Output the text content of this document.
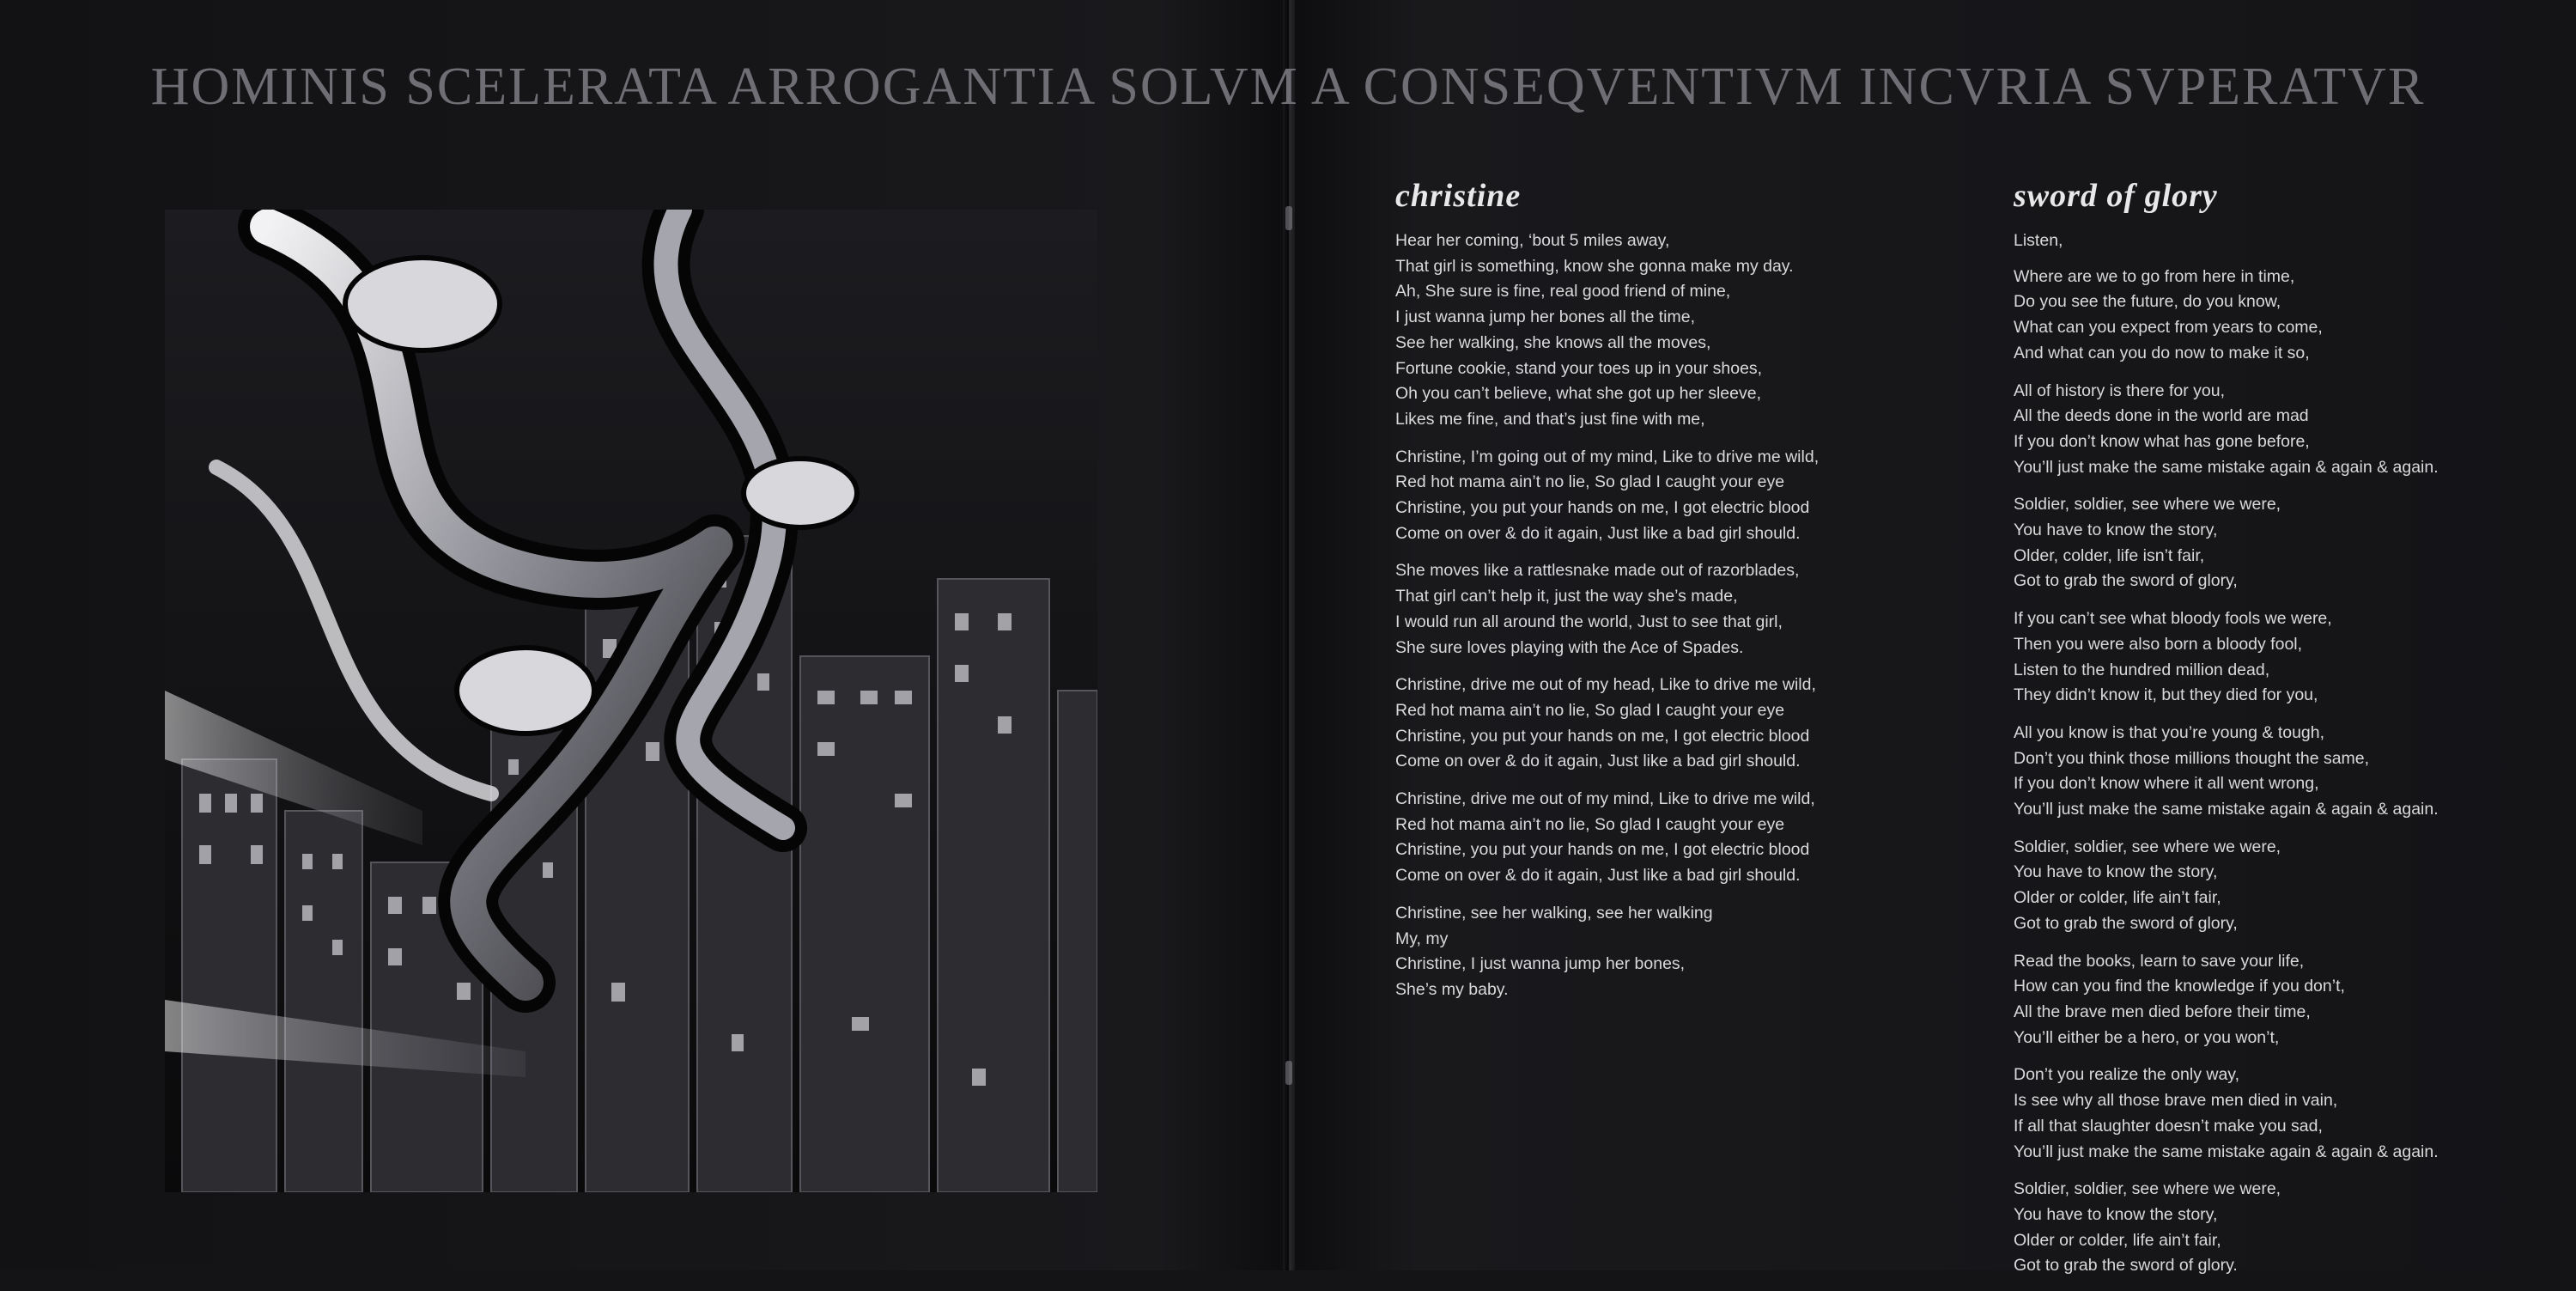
HOMINIS SCELERATA ARROGANTIA SOLVM A CONSEQVENTIVM INCVRIA SVPERATVR
christine
Hear her coming, ‘bout 5 miles away,
That girl is something, know she gonna make my day.
Ah, She sure is fine, real good friend of mine,
I just wanna jump her bones all the time,
See her walking, she knows all the moves,
Fortune cookie, stand your toes up in your shoes,
Oh you can’t believe, what she got up her sleeve,
Likes me fine, and that’s just fine with me,
Christine, I’m going out of my mind, Like to drive me wild,
Red hot mama ain’t no lie, So glad I caught your eye
Christine, you put your hands on me, I got electric blood
Come on over & do it again, Just like a bad girl should.
She moves like a rattlesnake made out of razorblades,
That girl can’t help it, just the way she’s made,
I would run all around the world, Just to see that girl,
She sure loves playing with the Ace of Spades.
Christine, drive me out of my head, Like to drive me wild,
Red hot mama ain’t no lie, So glad I caught your eye
Christine, you put your hands on me, I got electric blood
Come on over & do it again, Just like a bad girl should.
Christine, drive me out of my mind, Like to drive me wild,
Red hot mama ain’t no lie, So glad I caught your eye
Christine, you put your hands on me, I got electric blood
Come on over & do it again, Just like a bad girl should.
Christine, see her walking, see her walking
My, my
Christine, I just wanna jump her bones,
She’s my baby.
sword of glory
Listen,
Where are we to go from here in time,
Do you see the future, do you know,
What can you expect from years to come,
And what can you do now to make it so,
All of history is there for you,
All the deeds done in the world are mad
If you don’t know what has gone before,
You’ll just make the same mistake again & again & again.
Soldier, soldier, see where we were,
You have to know the story,
Older, colder, life isn’t fair,
Got to grab the sword of glory,
If you can’t see what bloody fools we were,
Then you were also born a bloody fool,
Listen to the hundred million dead,
They didn’t know it, but they died for you,
All you know is that you’re young & tough,
Don’t you think those millions thought the same,
If you don’t know where it all went wrong,
You’ll just make the same mistake again & again & again.
Soldier, soldier, see where we were,
You have to know the story,
Older or colder, life ain’t fair,
Got to grab the sword of glory,
Read the books, learn to save your life,
How can you find the knowledge if you don’t,
All the brave men died before their time,
You’ll either be a hero, or you won’t,
Don’t you realize the only way,
Is see why all those brave men died in vain,
If all that slaughter doesn’t make you sad,
You’ll just make the same mistake again & again & again.
Soldier, soldier, see where we were,
You have to know the story,
Older or colder, life ain’t fair,
Got to grab the sword of glory.
